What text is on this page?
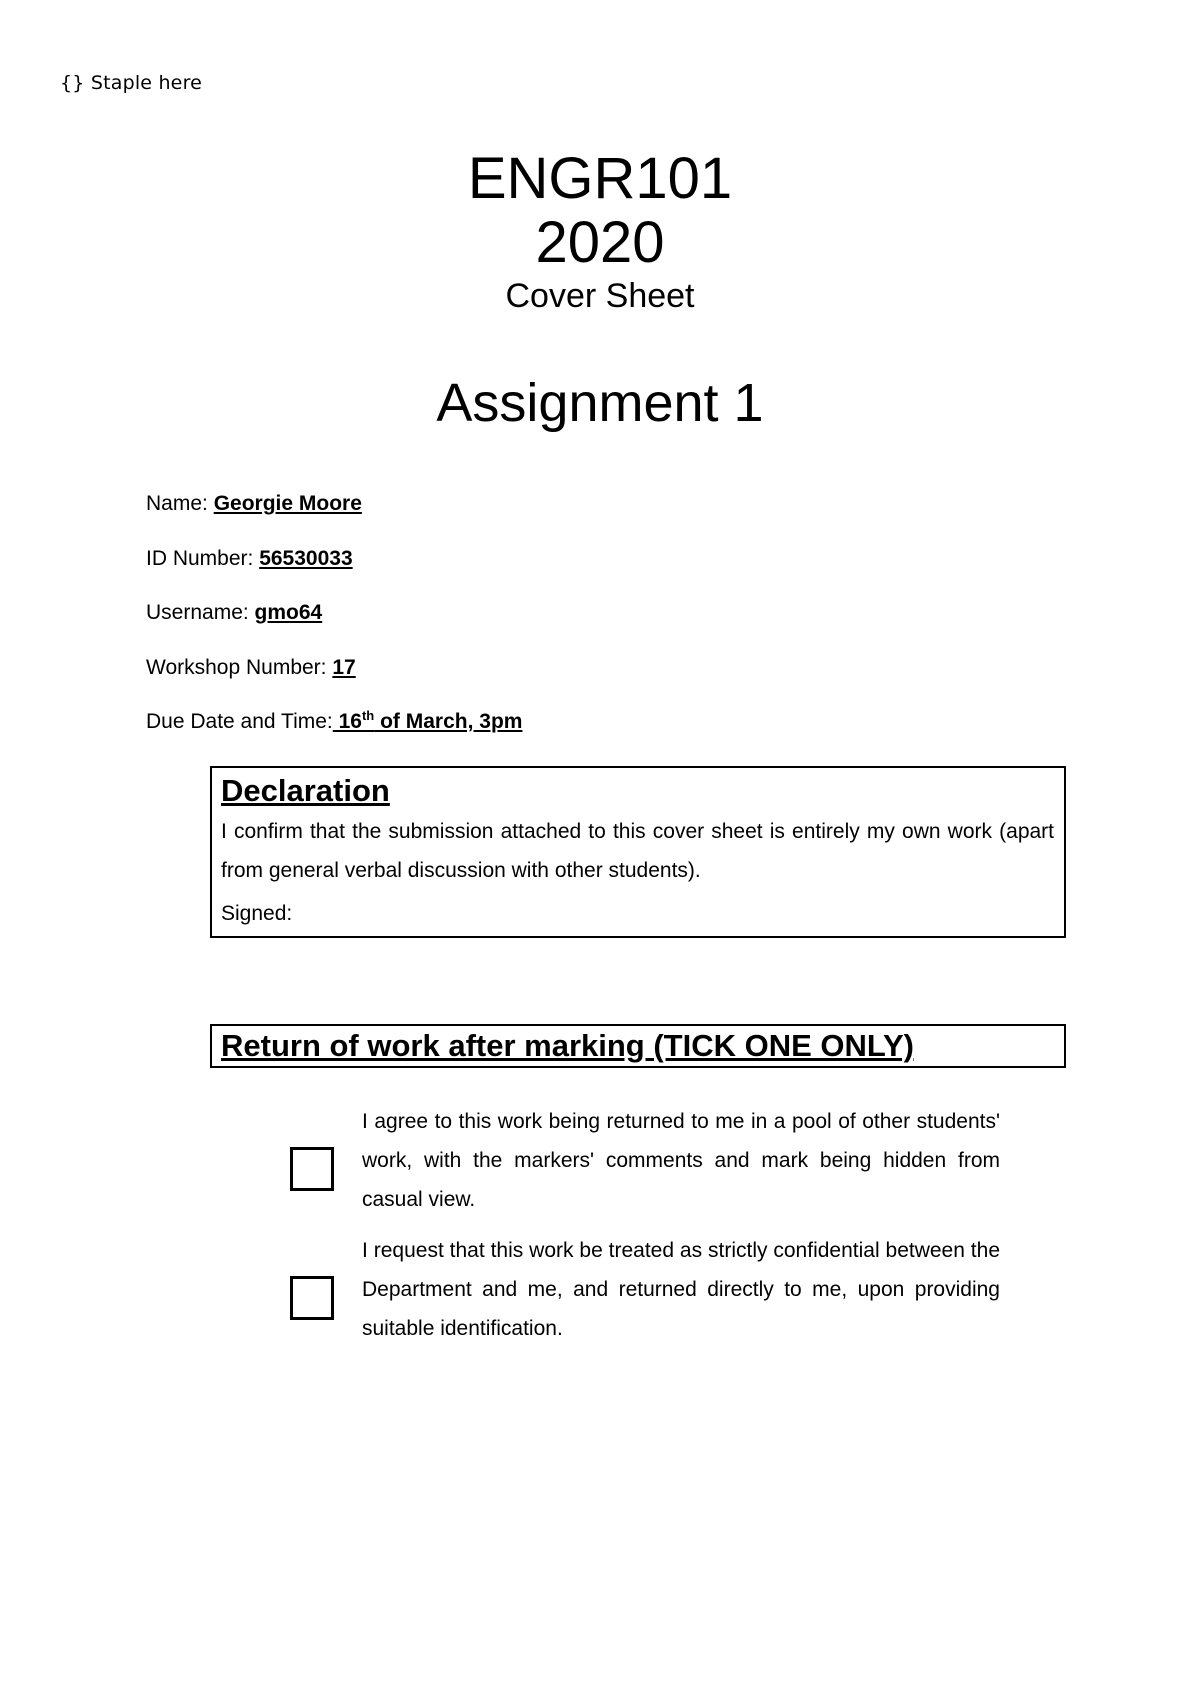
{} Staple here
ENGR101
2020
Cover Sheet
Assignment 1
Name: Georgie Moore
ID Number: 56530033
Username: gmo64
Workshop Number: 17
Due Date and Time: 16th of March, 3pm

Declaration

I confirm that the submission attached to this cover sheet is entirely my own work (apart from general verbal discussion with other students).

Signed:

Return of work after marking (TICK ONE ONLY)

I agree to this work being returned to me in a pool of other students' work, with the markers' comments and mark being hidden from casual view.

I request that this work be treated as strictly confidential between the Department and me, and returned directly to me, upon providing suitable identification.
